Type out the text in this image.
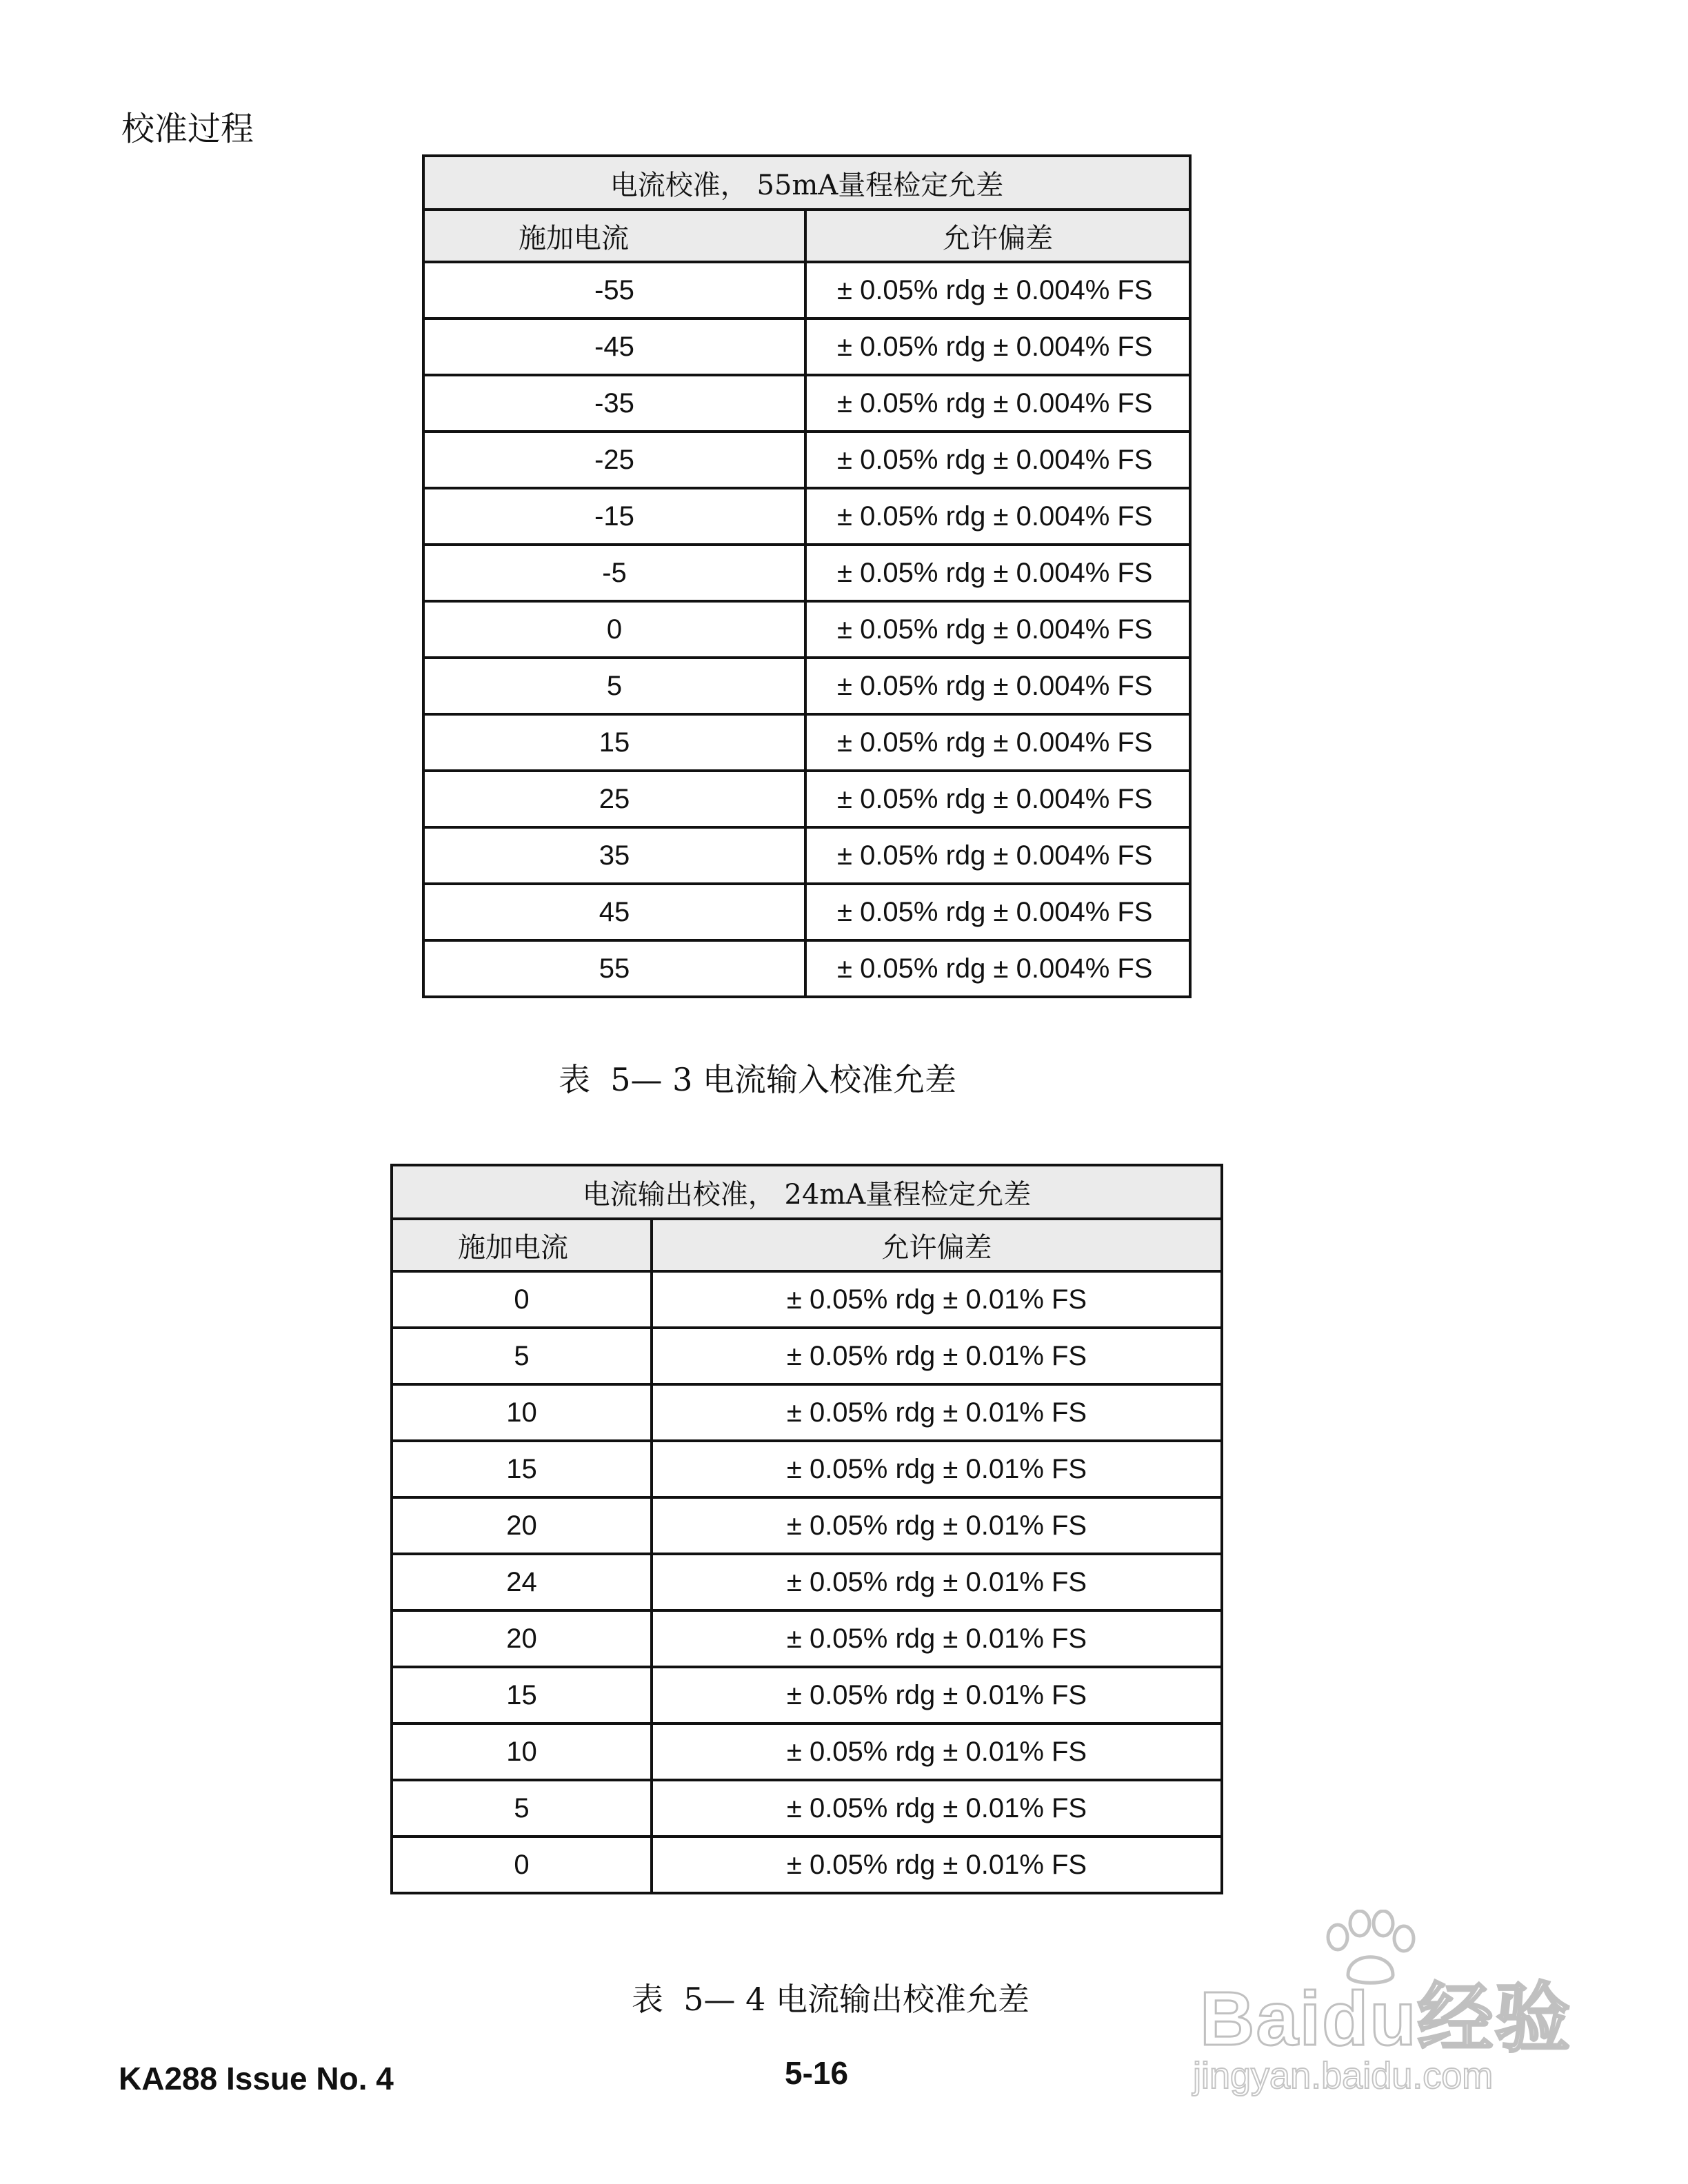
校准过程
电流校准， 55mA量程检定允差	
施加电流	允许偏差
-55	± 0.05% rdg ± 0.004% FS
-45	± 0.05% rdg ± 0.004% FS
-35	± 0.05% rdg ± 0.004% FS
-25	± 0.05% rdg ± 0.004% FS
-15	± 0.05% rdg ± 0.004% FS
-5	± 0.05% rdg ± 0.004% FS
0	± 0.05% rdg ± 0.004% FS
5	± 0.05% rdg ± 0.004% FS
15	± 0.05% rdg ± 0.004% FS
25	± 0.05% rdg ± 0.004% FS
35	± 0.05% rdg ± 0.004% FS
45	± 0.05% rdg ± 0.004% FS
55	± 0.05% rdg ± 0.004% FS
表  5— 3 电流输入校准允差
电流输出校准， 24mA量程检定允差	
施加电流	允许偏差
0	± 0.05% rdg ± 0.01% FS
5	± 0.05% rdg ± 0.01% FS
10	± 0.05% rdg ± 0.01% FS
15	± 0.05% rdg ± 0.01% FS
20	± 0.05% rdg ± 0.01% FS
24	± 0.05% rdg ± 0.01% FS
20	± 0.05% rdg ± 0.01% FS
15	± 0.05% rdg ± 0.01% FS
10	± 0.05% rdg ± 0.01% FS
5	± 0.05% rdg ± 0.01% FS
0	± 0.05% rdg ± 0.01% FS
表  5— 4 电流输出校准允差
KA288 Issue No. 4	5-16
Baidu经验
jingyan.baidu.com
